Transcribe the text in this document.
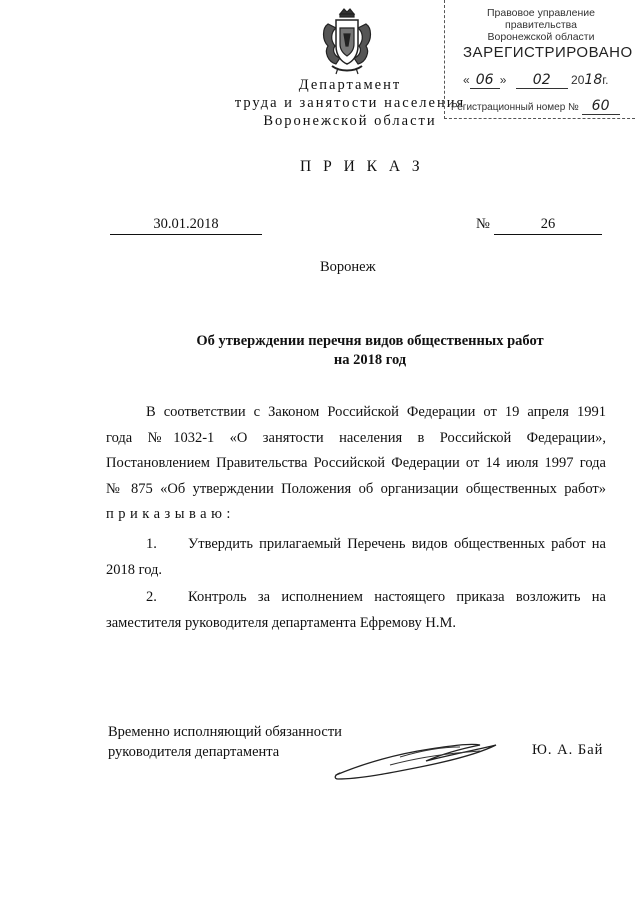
Департамент
труда и занятости населения
Воронежской области
Правовое управление правительства
Воронежской области
ЗАРЕГИСТРИРОВАНО
« 06 » 02 2018г.
Регистрационный номер № 60
П Р И К А З
30.01.2018	№	26
Воронеж
Об утверждении перечня видов общественных работ
на 2018 год
В соответствии с Законом Российской Федерации от 19 апреля 1991
года №1032-1 «О занятости населения в Российской Федерации»,
Постановлением Правительства Российской Федерации от 14 июля 1997 года
№ 875 «Об утверждении Положения об организации общественных работ»
приказываю:
1.	Утвердить прилагаемый Перечень видов общественных работ на
2018 год.
2.	Контроль за исполнением настоящего приказа возложить на
заместителя руководителя департамента Ефремову Н.М.
Временно исполняющий обязанности
руководителя департамента	Ю. А. Бай
